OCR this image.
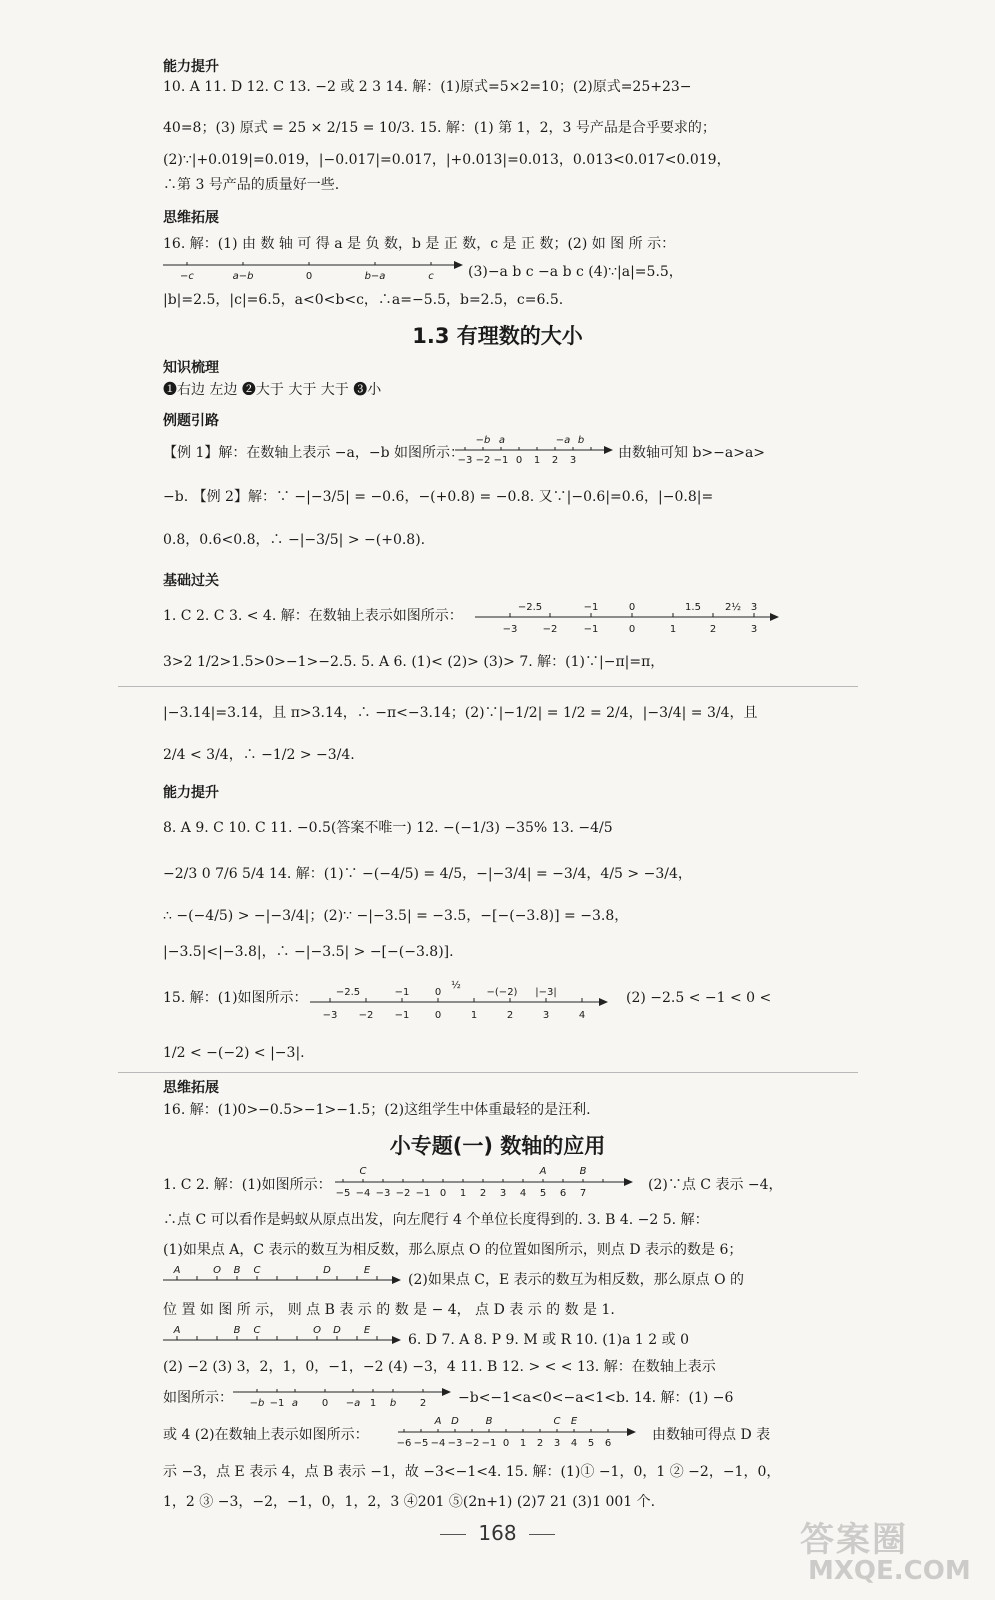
能力提升
10. A 11. D 12. C 13. −2 或 2 3 14. 解：(1)原式=5×2=10；(2)原式=25+23−
40=8；(3) 原式 = 25 × 2/15 = 10/3. 15. 解：(1) 第 1，2，3 号产品是合乎要求的；
(2)∵|+0.019|=0.019，|−0.017|=0.017，|+0.013|=0.013，0.013<0.017<0.019，
∴第 3 号产品的质量好一些.
思维拓展
16. 解：(1) 由 数 轴 可 得 a 是 负 数，b 是 正 数，c 是 正 数；(2) 如 图 所 示：
−c	a−b	0	b−a	c (3)−a b c −a b c (4)∵|a|=5.5，
|b|=2.5，|c|=6.5，a<0<b<c，∴a=−5.5，b=2.5，c=6.5.
1.3 有理数的大小
知识梳理
❶右边 左边 ❷大于 大于 大于 ❸小
例题引路
【例 1】解：在数轴上表示 −a，−b 如图所示：
−b a	−a b
−3 −2 −1 0 1 2 3	由数轴可知 b>−a>a>
−b. 【例 2】解：∵ −|−3/5| = −0.6，−(+0.8) = −0.8. 又∵|−0.6|=0.6，|−0.8|=
0.8，0.6<0.8，∴ −|−3/5| > −(+0.8).
基础过关
1. C 2. C 3. < 4. 解：在数轴上表示如图所示：
−2.5	−1	0	1.5 2½ 3
−3	−2	−1	0	1	2	3
3>2 1/2>1.5>0>−1>−2.5. 5. A 6. (1)< (2)> (3)> 7. 解：(1)∵|−π|=π，
|−3.14|=3.14，且 π>3.14，∴ −π<−3.14；(2)∵|−1/2| = 1/2 = 2/4，|−3/4| = 3/4，且
2/4 < 3/4，∴ −1/2 > −3/4.
能力提升
8. A 9. C 10. C 11. −0.5(答案不唯一) 12. −(−1/3) −35% 13. −4/5
−2/3 0 7/6 5/4 14. 解：(1)∵ −(−4/5) = 4/5，−|−3/4| = −3/4，4/5 > −3/4，
∴ −(−4/5) > −|−3/4|；(2)∵ −|−3.5| = −3.5，−[−(−3.8)] = −3.8，
|−3.5|<|−3.8|，∴ −|−3.5| > −[−(−3.8)].
15. 解：(1)如图所示：	−2.5	−1	0
½
−(−2) |−3|
−3 −2 −1	0	1	2	3	4
(2) −2.5 < −1 < 0 <
1/2 < −(−2) < |−3|.
思维拓展
16. 解：(1)0>−0.5>−1>−1.5；(2)这组学生中体重最轻的是汪利.
小专题(一) 数轴的应用
1. C 2. 解：(1)如图所示：
C	A	B
−5 −4 −3 −2 −1 0 1 2 3 4 5 6 7
(2)∵点 C 表示 −4，
∴点 C 可以看作是蚂蚁从原点出发，向左爬行 4 个单位长度得到的. 3. B 4. −2 5. 解：
(1)如果点 A，C 表示的数互为相反数，那么原点 O 的位置如图所示，则点 D 表示的数是 6；
A	O B C	D	E
(2)如果点 C，E 表示的数互为相反数，那么原点 O 的
位 置 如 图 所 示， 则 点 B 表 示 的 数 是 − 4， 点 D 表 示 的 数 是 1.
A	B C	O D E
6. D 7. A 8. P 9. M 或 R 10. (1)a 1 2 或 0
(2) −2 (3) 3，2，1，0，−1，−2 (4) −3，4 11. B 12. > < < 13. 解：在数轴上表示
如图所示： −b −1 a 0 −a 1 b 2 −b<−1<a<0<−a<1<b. 14. 解：(1) −6
或 4 (2)在数轴上表示如图所示：
A D	B	C E
−6 −5 −4 −3 −2 −1 0 1 2 3 4 5 6
由数轴可得点 D 表
示 −3，点 E 表示 4，点 B 表示 −1，故 −3<−1<4. 15. 解：(1)① −1，0，1 ② −2，−1，0，
1，2 ③ −3，−2，−1，0，1，2，3 ④201 ⑤(2n+1) (2)7 21 (3)1 001 个.
168	答案圈
MXQE.COM
